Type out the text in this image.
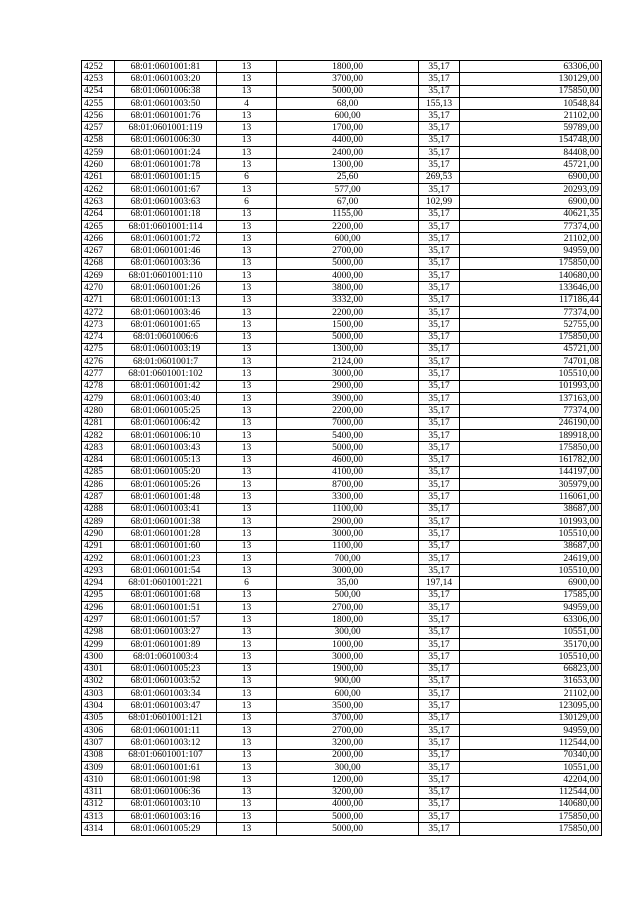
4252	68:01:0601001:81	13	1800,00	35,17	63306,00
4253	68:01:0601003:20	13	3700,00	35,17	130129,00
4254	68:01:0601006:38	13	5000,00	35,17	175850,00
4255	68:01:0601003:50	4	68,00	155,13	10548,84
4256	68:01:0601001:76	13	600,00	35,17	21102,00
4257	68:01:0601001:119	13	1700,00	35,17	59789,00
4258	68:01:0601006:30	13	4400,00	35,17	154748,00
4259	68:01:0601001:24	13	2400,00	35,17	84408,00
4260	68:01:0601001:78	13	1300,00	35,17	45721,00
4261	68:01:0601001:15	6	25,60	269,53	6900,00
4262	68:01:0601001:67	13	577,00	35,17	20293,09
4263	68:01:0601003:63	6	67,00	102,99	6900,00
4264	68:01:0601001:18	13	1155,00	35,17	40621,35
4265	68:01:0601001:114	13	2200,00	35,17	77374,00
4266	68:01:0601001:72	13	600,00	35,17	21102,00
4267	68:01:0601001:46	13	2700,00	35,17	94959,00
4268	68:01:0601003:36	13	5000,00	35,17	175850,00
4269	68:01:0601001:110	13	4000,00	35,17	140680,00
4270	68:01:0601001:26	13	3800,00	35,17	133646,00
4271	68:01:0601001:13	13	3332,00	35,17	117186,44
4272	68:01:0601003:46	13	2200,00	35,17	77374,00
4273	68:01:0601001:65	13	1500,00	35,17	52755,00
4274	68:01:0601006:6	13	5000,00	35,17	175850,00
4275	68:01:0601003:19	13	1300,00	35,17	45721,00
4276	68:01:0601001:7	13	2124,00	35,17	74701,08
4277	68:01:0601001:102	13	3000,00	35,17	105510,00
4278	68:01:0601001:42	13	2900,00	35,17	101993,00
4279	68:01:0601003:40	13	3900,00	35,17	137163,00
4280	68:01:0601005:25	13	2200,00	35,17	77374,00
4281	68:01:0601006:42	13	7000,00	35,17	246190,00
4282	68:01:0601006:10	13	5400,00	35,17	189918,00
4283	68:01:0601003:43	13	5000,00	35,17	175850,00
4284	68:01:0601005:13	13	4600,00	35,17	161782,00
4285	68:01:0601005:20	13	4100,00	35,17	144197,00
4286	68:01:0601005:26	13	8700,00	35,17	305979,00
4287	68:01:0601001:48	13	3300,00	35,17	116061,00
4288	68:01:0601003:41	13	1100,00	35,17	38687,00
4289	68:01:0601001:38	13	2900,00	35,17	101993,00
4290	68:01:0601001:28	13	3000,00	35,17	105510,00
4291	68:01:0601001:60	13	1100,00	35,17	38687,00
4292	68:01:0601001:23	13	700,00	35,17	24619,00
4293	68:01:0601001:54	13	3000,00	35,17	105510,00
4294	68:01:0601001:221	6	35,00	197,14	6900,00
4295	68:01:0601001:68	13	500,00	35,17	17585,00
4296	68:01:0601001:51	13	2700,00	35,17	94959,00
4297	68:01:0601001:57	13	1800,00	35,17	63306,00
4298	68:01:0601003:27	13	300,00	35,17	10551,00
4299	68:01:0601001:89	13	1000,00	35,17	35170,00
4300	68:01:0601003:4	13	3000,00	35,17	105510,00
4301	68:01:0601005:23	13	1900,00	35,17	66823,00
4302	68:01:0601003:52	13	900,00	35,17	31653,00
4303	68:01:0601003:34	13	600,00	35,17	21102,00
4304	68:01:0601003:47	13	3500,00	35,17	123095,00
4305	68:01:0601001:121	13	3700,00	35,17	130129,00
4306	68:01:0601001:11	13	2700,00	35,17	94959,00
4307	68:01:0601003:12	13	3200,00	35,17	112544,00
4308	68:01:0601001:107	13	2000,00	35,17	70340,00
4309	68:01:0601001:61	13	300,00	35,17	10551,00
4310	68:01:0601001:98	13	1200,00	35,17	42204,00
4311	68:01:0601006:36	13	3200,00	35,17	112544,00
4312	68:01:0601003:10	13	4000,00	35,17	140680,00
4313	68:01:0601003:16	13	5000,00	35,17	175850,00
4314	68:01:0601005:29	13	5000,00	35,17	175850,00
